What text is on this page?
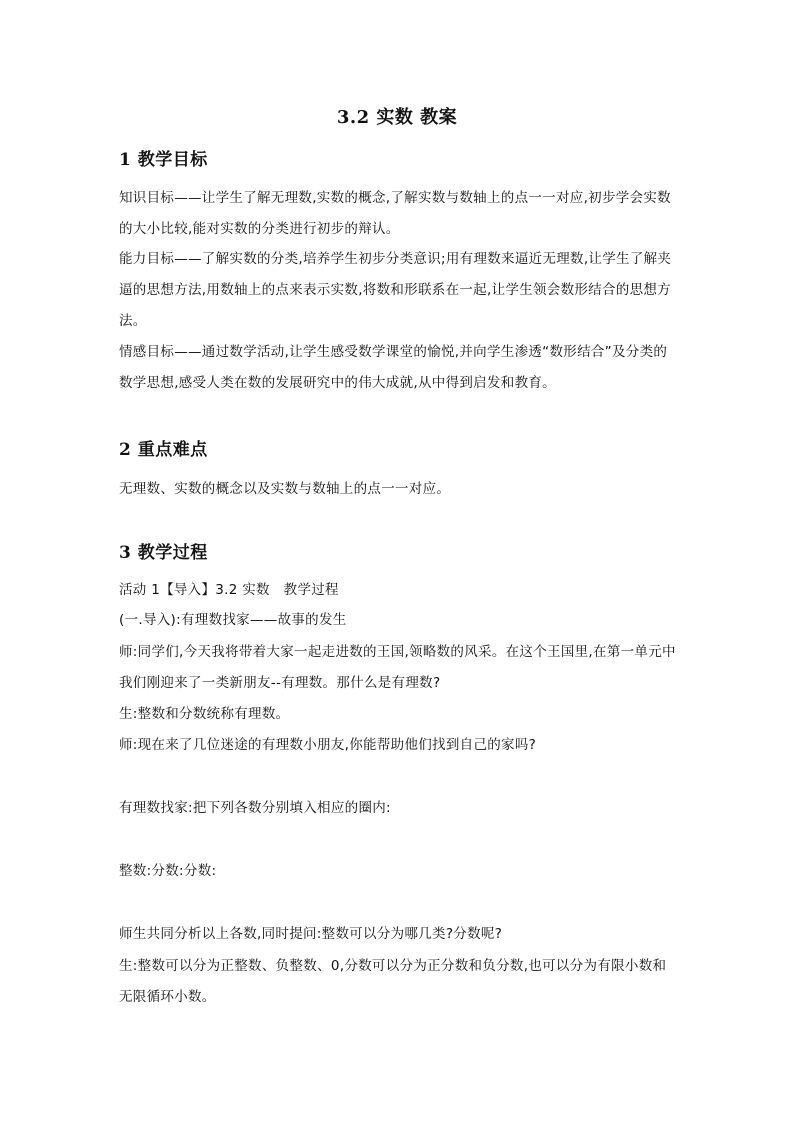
3.2 实数 教案
1 教学目标
知识目标——让学生了解无理数,实数的概念,了解实数与数轴上的点一一对应,初步学会实数的大小比较,能对实数的分类进行初步的辩认。
能力目标——了解实数的分类,培养学生初步分类意识;用有理数来逼近无理数,让学生了解夹逼的思想方法,用数轴上的点来表示实数,将数和形联系在一起,让学生领会数形结合的思想方法。
情感目标——通过数学活动,让学生感受数学课堂的愉悦,并向学生渗透“数形结合”及分类的数学思想,感受人类在数的发展研究中的伟大成就,从中得到启发和教育。
2 重点难点
无理数、实数的概念以及实数与数轴上的点一一对应。
3 教学过程
活动 1【导入】3.2 实数　教学过程
(一.导入):有理数找家——故事的发生
师:同学们,今天我将带着大家一起走进数的王国,领略数的风采。在这个王国里,在第一单元中
我们刚迎来了一类新朋友--有理数。那什么是有理数?
生:整数和分数统称有理数。
师:现在来了几位迷途的有理数小朋友,你能帮助他们找到自己的家吗?
有理数找家:把下列各数分别填入相应的圈内:
整数:分数:分数:
师生共同分析以上各数,同时提问:整数可以分为哪几类?分数呢?
生:整数可以分为正整数、负整数、0,分数可以分为正分数和负分数,也可以分为有限小数和
无限循环小数。
